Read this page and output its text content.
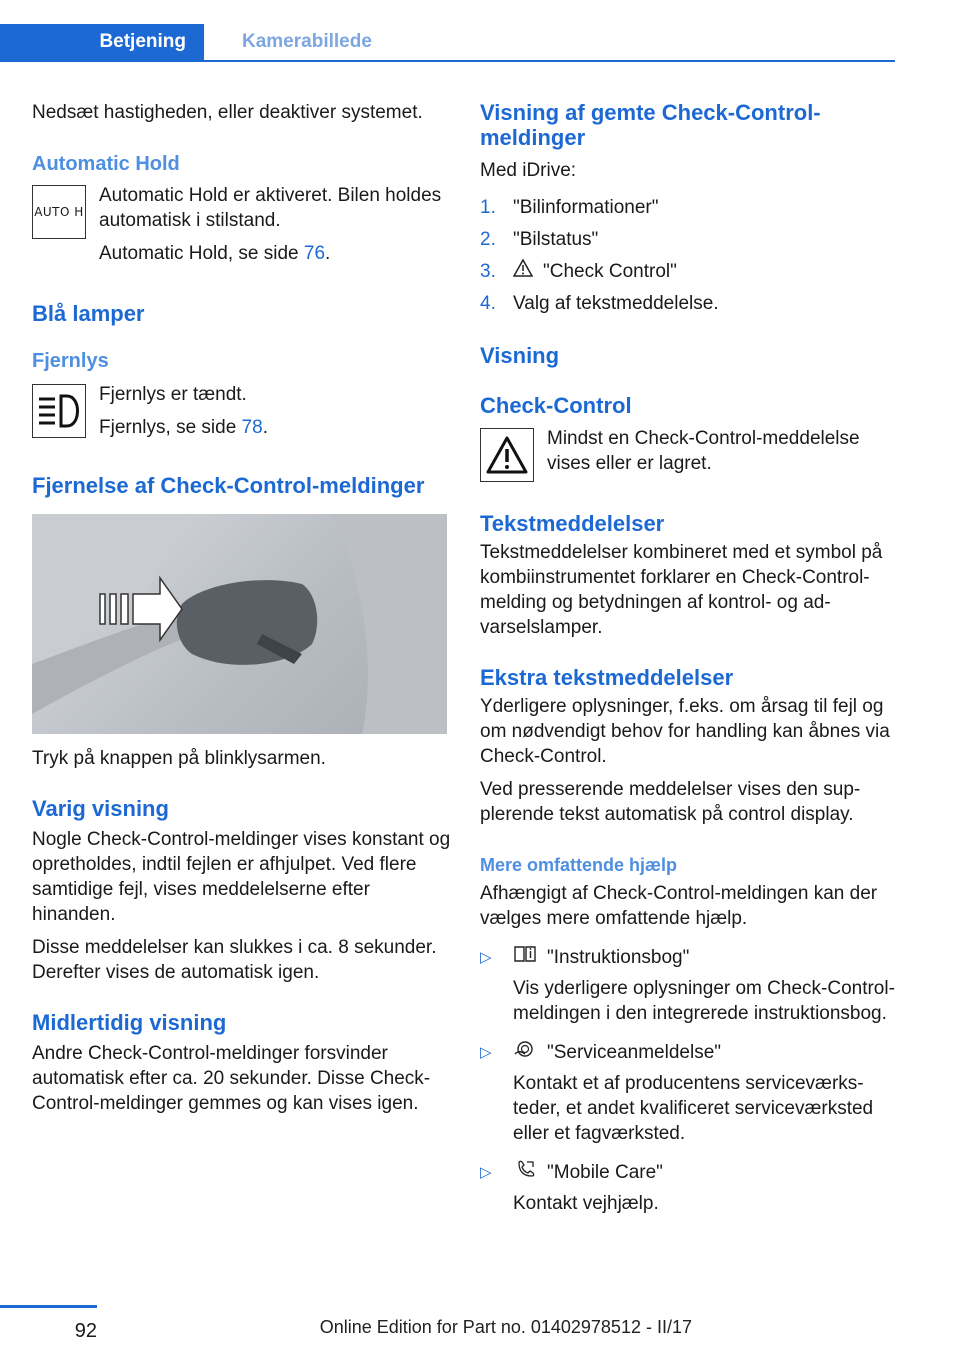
Betjening	Kamerabillede

Nedsæt hastigheden, eller deaktiver systemet.

Automatic Hold
AUTO H

Automatic Hold er aktiveret. Bilen holdes automatisk i stilstand.

Automatic Hold, se side 76.

Blå lamper
Fjernlys

Fjernlys er tændt.

Fjernlys, se side 78.

Fjernelse af Check-Control-meldinger

Tryk på knappen på blinklysarmen.

Varig visning

Nogle Check-Control-meldinger vises konstant og opretholdes, indtil fejlen er afhjulpet. Ved flere samtidige fejl, vises meddelelserne efter hinanden.

Disse meddelelser kan slukkes i ca. 8 sekunder. Derefter vises de automatisk igen.

Midlertidig visning

Andre Check-Control-meldinger forsvinder automatisk efter ca. 20 sekunder. Disse Check-Control-meldinger gemmes og kan vises igen.

Visning af gemte Check-Control-meldinger

Med iDrive:

1. "Bilinformationer"
2. "Bilstatus"
3.	"Check Control"
4. Valg af tekstmeddelelse.
Visning
Check-Control

Mindst en Check-Control-meddelelse vises eller er lagret.

Tekstmeddelelser

Tekstmeddelelser kombineret med et symbol på kombiinstrumentet forklarer en Check-Control-melding og betydningen af kontrol- og advarselslamper.

Ekstra tekstmeddelelser

Yderligere oplysninger, f.eks. om årsag til fejl og om nødvendigt behov for handling kan åbnes via Check-Control.

Ved presserende meddelelser vises den supplerende tekst automatisk på control display.

Mere omfattende hjælp

Afhængigt af Check-Control-meldingen kan der vælges mere omfattende hjælp.

▷	"Instruktionsbog"

Vis yderligere oplysninger om Check-Control-meldingen i den integrerede instruktionsbog.

▷	"Serviceanmeldelse"

Kontakt et af producentens serviceværksteder, et andet kvalificeret serviceværksted eller et fagværksted.

▷	"Mobile Care"

Kontakt vejhjælp.

92	Online Edition for Part no. 01402978512 - II/17
